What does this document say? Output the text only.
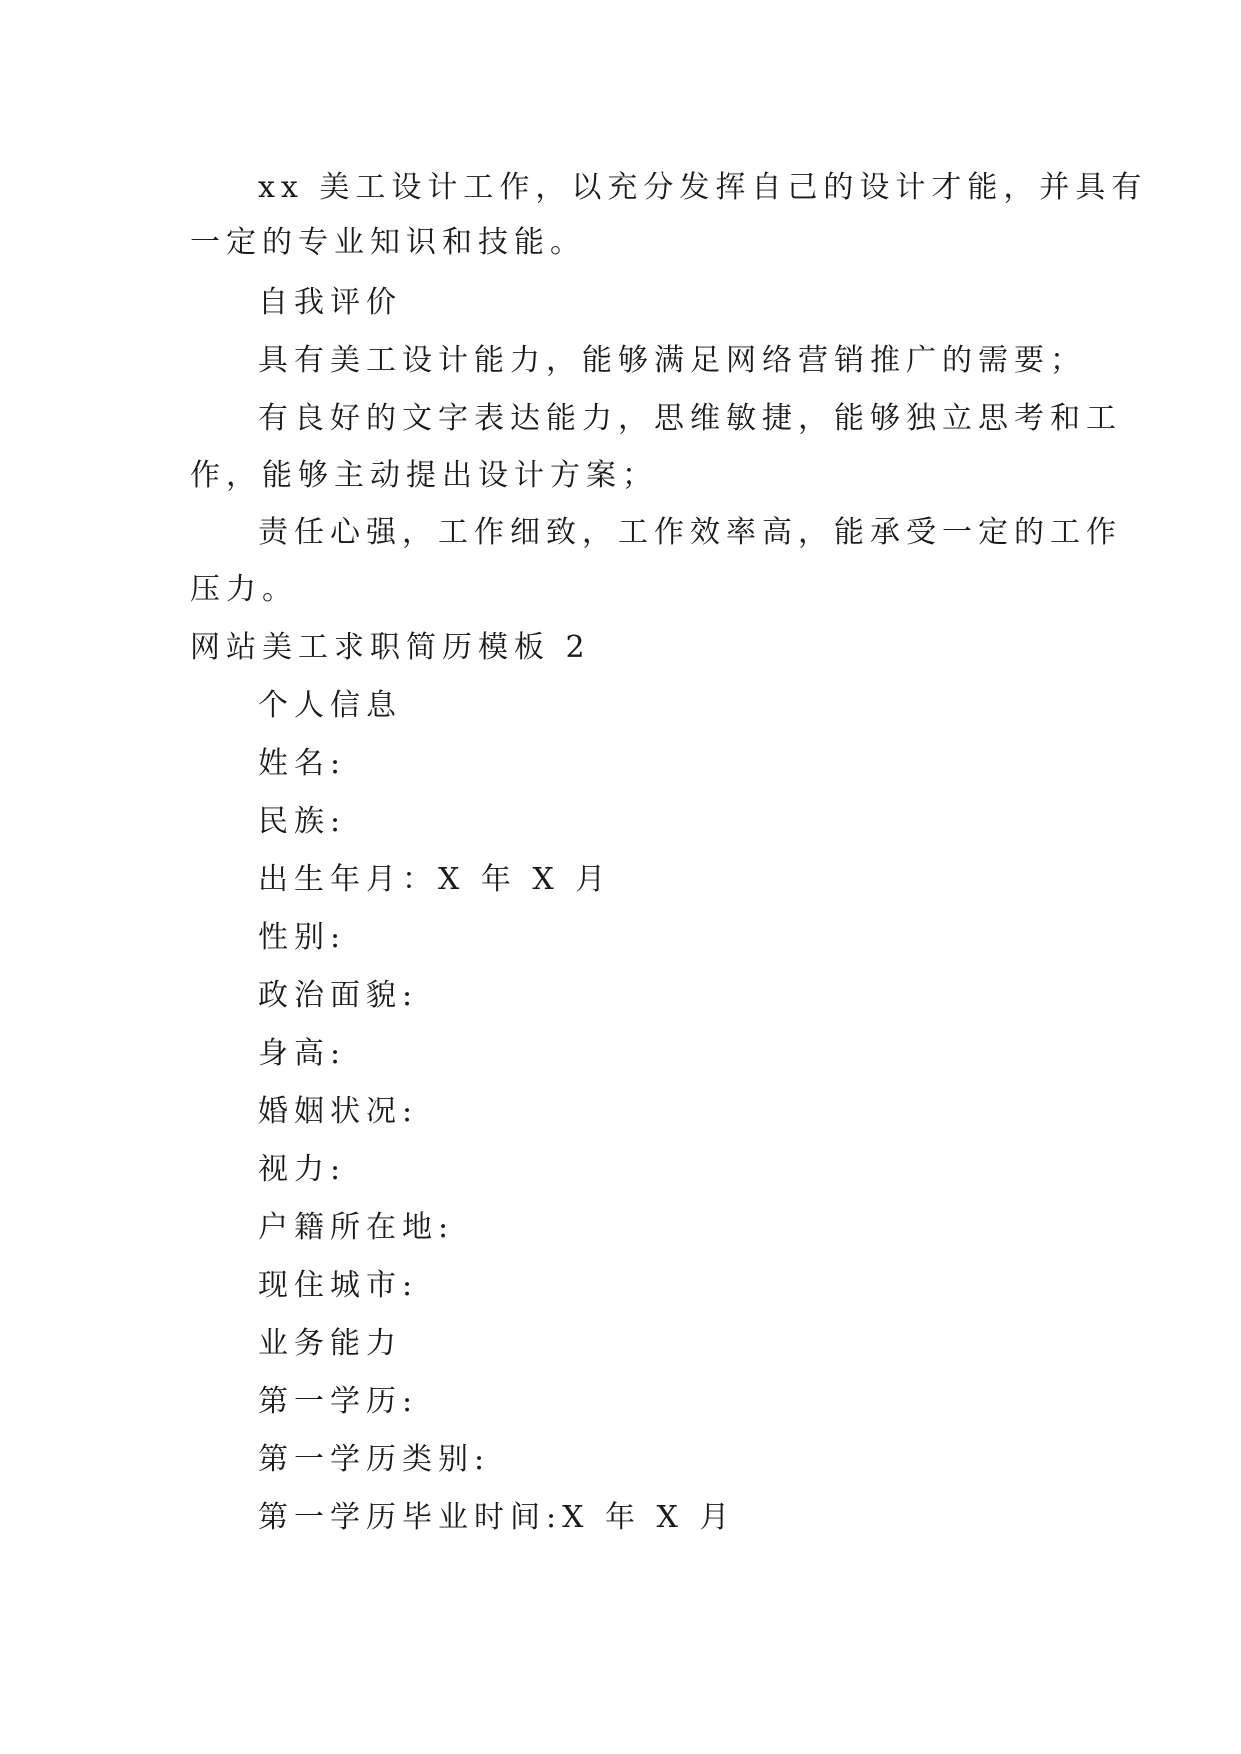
xx 美工设计工作，以充分发挥自己的设计才能，并具有

一定的专业知识和技能。

自我评价

具有美工设计能力，能够满足网络营销推广的需要；

有良好的文字表达能力，思维敏捷，能够独立思考和工

作，能够主动提出设计方案；

责任心强，工作细致，工作效率高，能承受一定的工作

压力。

网站美工求职简历模板 2

个人信息

姓名:

民族:

出生年月：X 年 X 月

性别:

政治面貌:

身高:

婚姻状况:

视力:

户籍所在地:

现住城市:

业务能力

第一学历:

第一学历类别:

第一学历毕业时间:X 年 X 月
